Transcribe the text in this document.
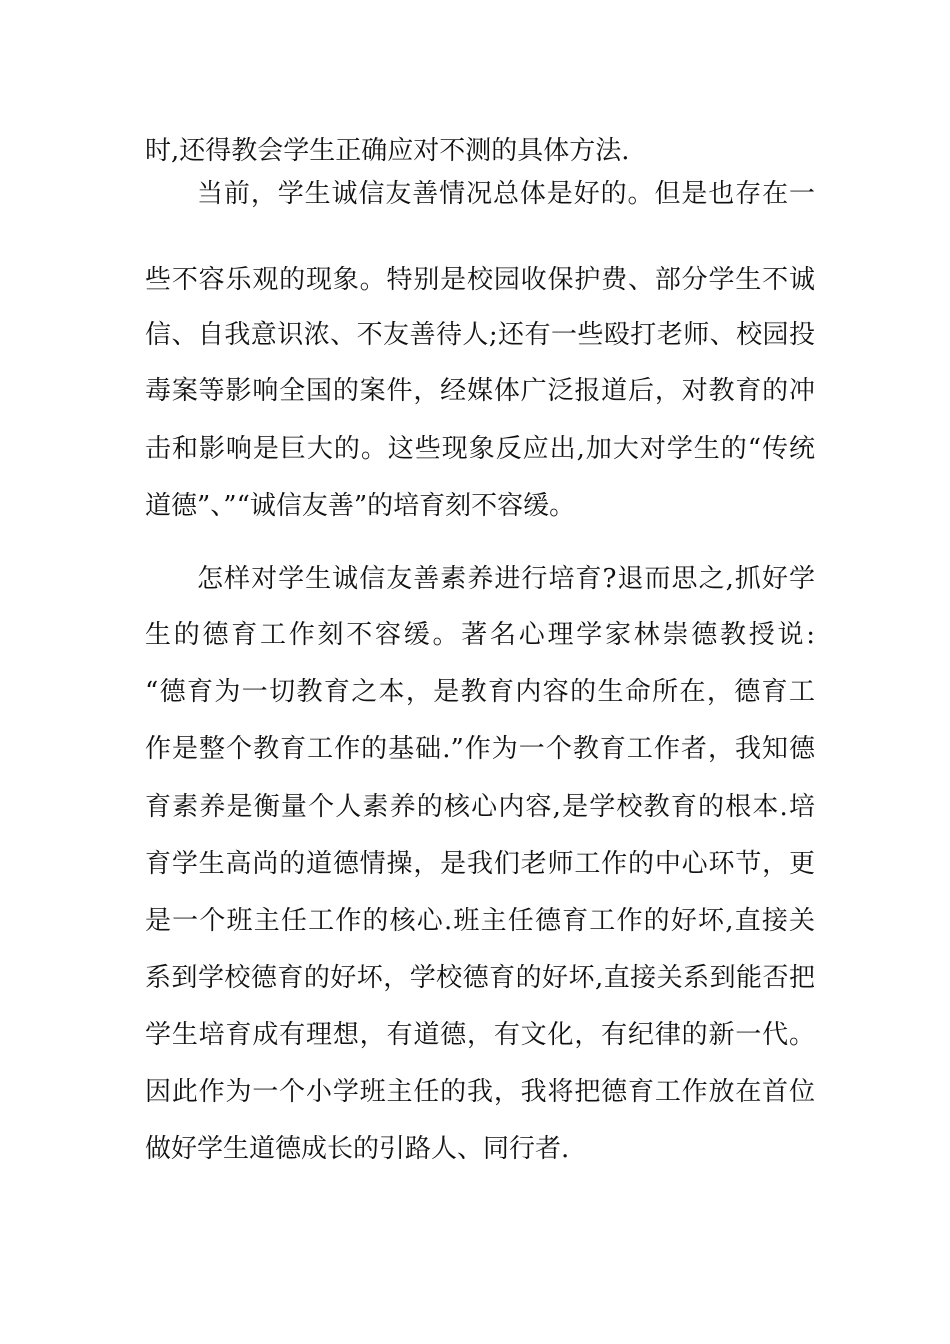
时,还得教会学生正确应对不测的具体方法.
当前，学生诚信友善情况总体是好的。但是也存在一
些不容乐观的现象。特别是校园收保护费、部分学生不诚
信、自我意识浓、不友善待人;还有一些殴打老师、校园投
毒案等影响全国的案件，经媒体广泛报道后，对教育的冲
击和影响是巨大的。这些现象反应出,加大对学生的“传统
道德”、”“诚信友善”的培育刻不容缓。
怎样对学生诚信友善素养进行培育?退而思之,抓好学
生的德育工作刻不容缓。著名心理学家林崇德教授说:
“德育为一切教育之本，是教育内容的生命所在，德育工
作是整个教育工作的基础.”作为一个教育工作者，我知德
育素养是衡量个人素养的核心内容,是学校教育的根本.培
育学生高尚的道德情操，是我们老师工作的中心环节，更
是一个班主任工作的核心.班主任德育工作的好坏,直接关
系到学校德育的好坏，学校德育的好坏,直接关系到能否把
学生培育成有理想，有道德，有文化，有纪律的新一代。
因此作为一个小学班主任的我，我将把德育工作放在首位
做好学生道德成长的引路人、同行者.
